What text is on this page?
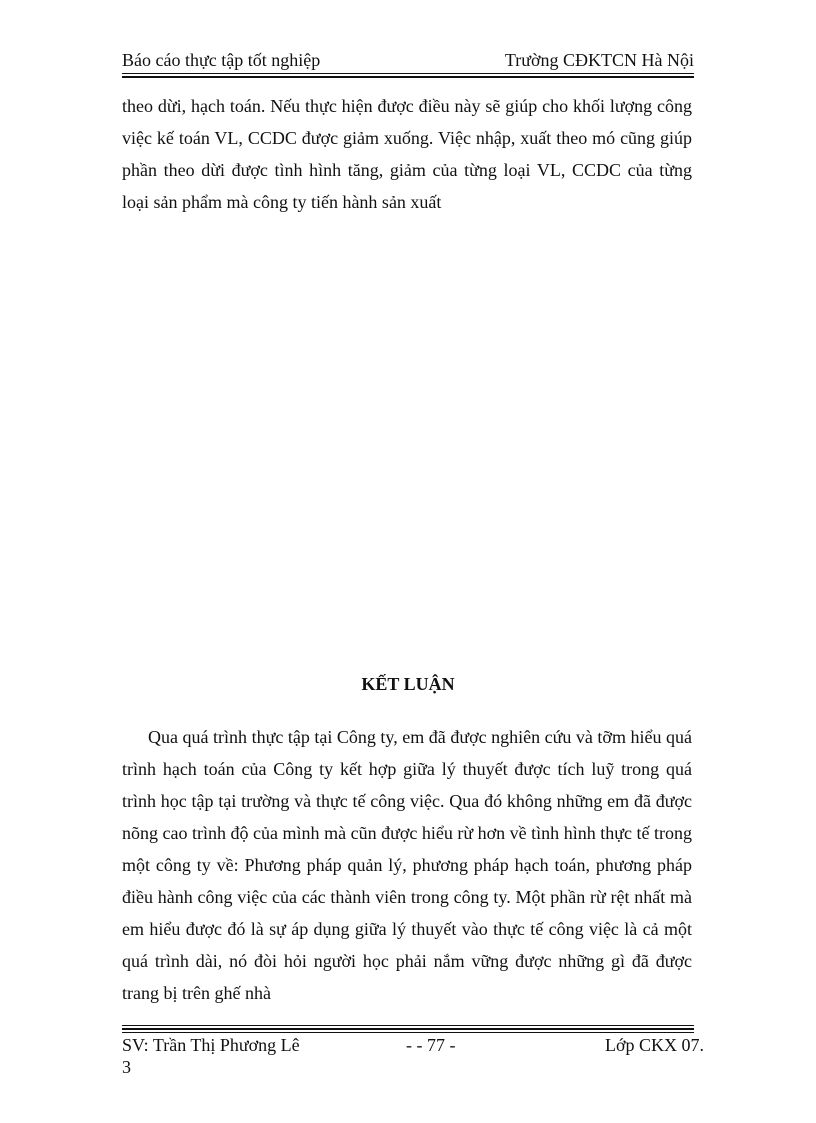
Báo cáo thực tập tốt nghiệp	Trường CĐKTCN Hà Nội
theo dừi, hạch toán. Nếu thực hiện được điều này sẽ giúp cho khối lượng công việc kế toán VL, CCDC được giảm xuống. Việc nhập, xuất theo mó cũng giúp phần theo dừi được tình hình tăng, giảm của từng loại VL, CCDC của từng loại sản phẩm mà công ty tiến hành sản xuất
KẾT LUẬN
Qua quá trình thực tập tại Công ty, em đã được nghiên cứu và tỡm hiểu quá trình hạch toán của Công ty kết hợp giữa lý thuyết được tích luỹ trong quá trình học tập tại trường và thực tế công việc. Qua đó không những em đã được nõng cao trình độ của mình mà cũn được hiểu rừ hơn về tình hình thực tế trong một công ty về: Phương pháp quản lý, phương pháp hạch toán, phương pháp điều hành công việc của các thành viên trong công ty. Một phần rừ rệt nhất mà em hiểu được đó là sự áp dụng giữa lý thuyết vào thực tế công việc là cả một quá trình dài, nó đòi hỏi người học phải nắm vững được những gì đã được trang bị trên ghế nhà
SV: Trần Thị Phương Lê	- - 77 -	Lớp CKX 07.
3
